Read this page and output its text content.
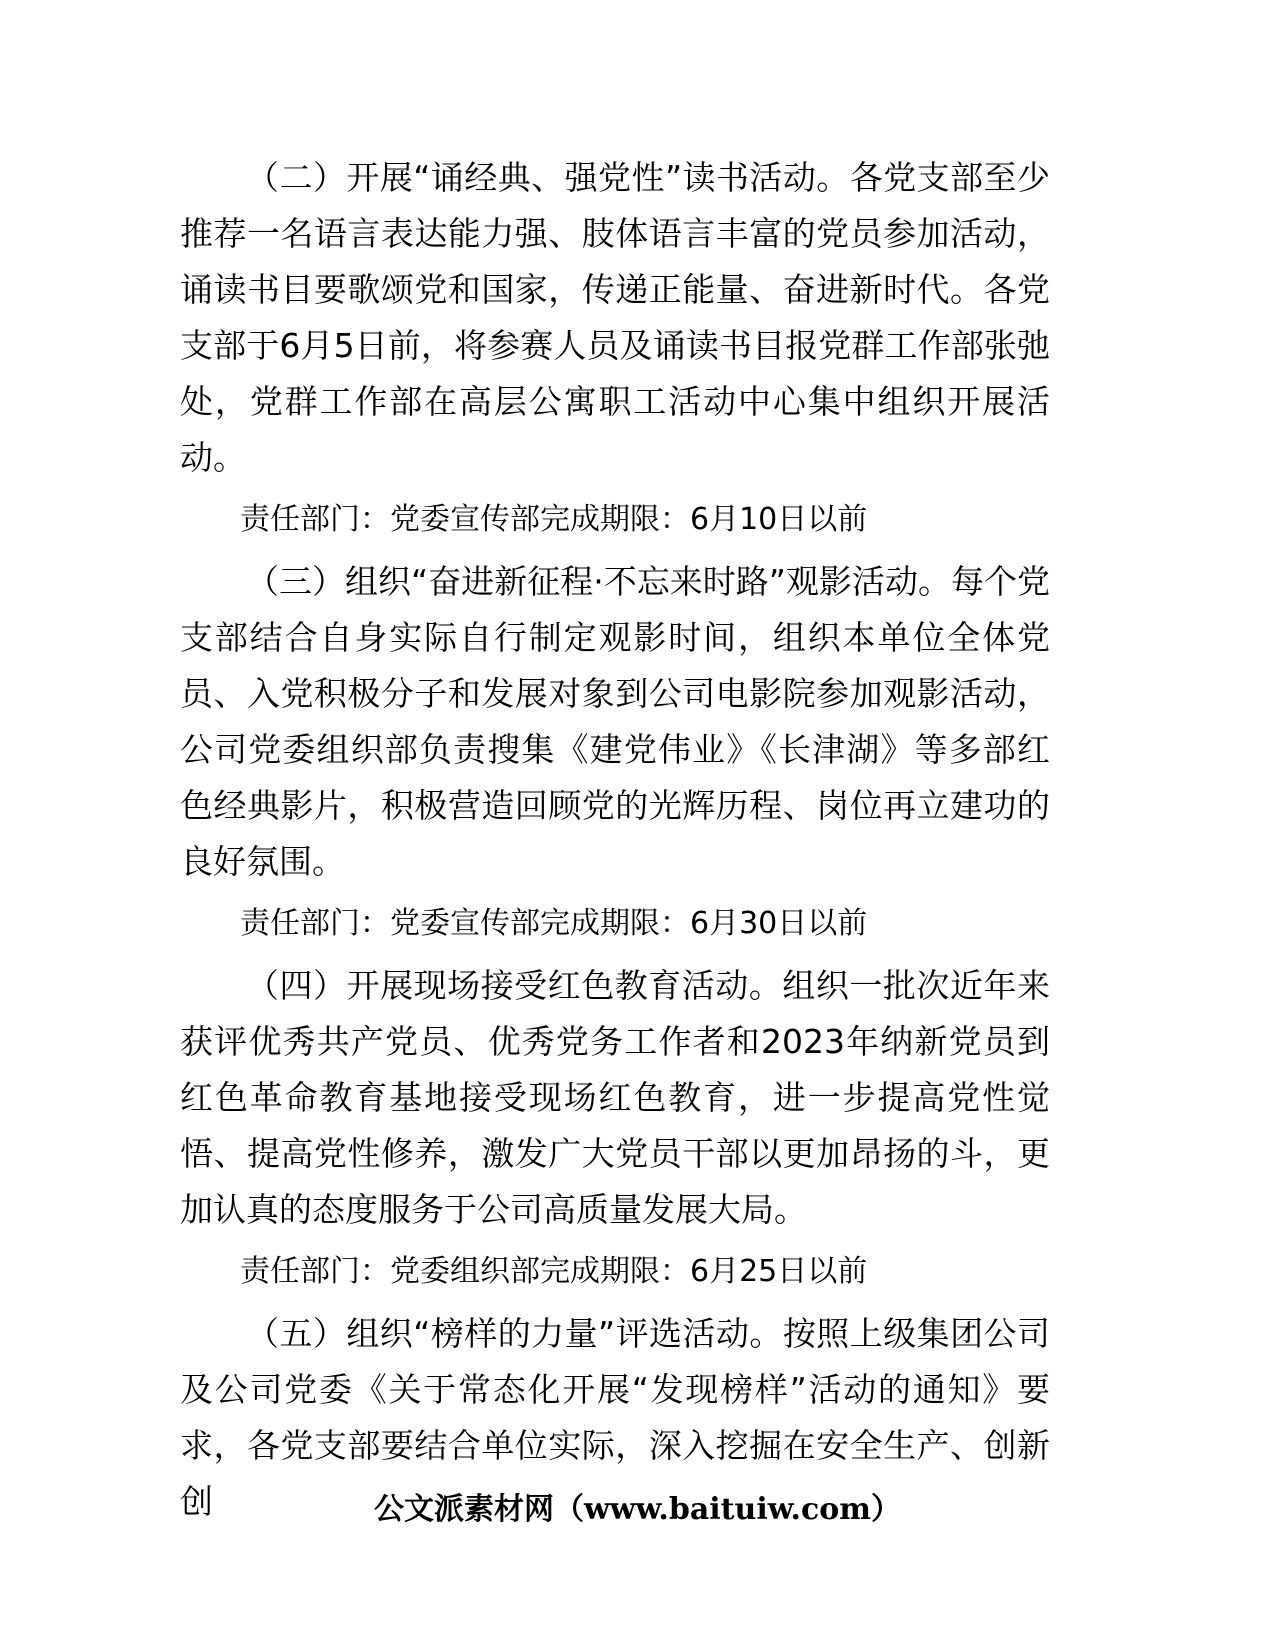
（二）开展“诵经典、强党性”读书活动。各党支部至少推荐一名语言表达能力强、肢体语言丰富的党员参加活动，诵读书目要歌颂党和国家，传递正能量、奋进新时代。各党支部于6月5日前，将参赛人员及诵读书目报党群工作部张弛处，党群工作部在高层公寓职工活动中心集中组织开展活动。

责任部门：党委宣传部完成期限：6月10日以前

（三）组织“奋进新征程·不忘来时路”观影活动。每个党支部结合自身实际自行制定观影时间，组织本单位全体党员、入党积极分子和发展对象到公司电影院参加观影活动，公司党委组织部负责搜集《建党伟业》《长津湖》等多部红色经典影片，积极营造回顾党的光辉历程、岗位再立建功的良好氛围。

责任部门：党委宣传部完成期限：6月30日以前

（四）开展现场接受红色教育活动。组织一批次近年来获评优秀共产党员、优秀党务工作者和2023年纳新党员到红色革命教育基地接受现场红色教育，进一步提高党性觉悟、提高党性修养，激发广大党员干部以更加昂扬的斗，更加认真的态度服务于公司高质量发展大局。

责任部门：党委组织部完成期限：6月25日以前

（五）组织“榜样的力量”评选活动。按照上级集团公司及公司党委《关于常态化开展“发现榜样”活动的通知》要求，各党支部要结合单位实际，深入挖掘在安全生产、创新创	公文派素材网（www.baituiw.com）
